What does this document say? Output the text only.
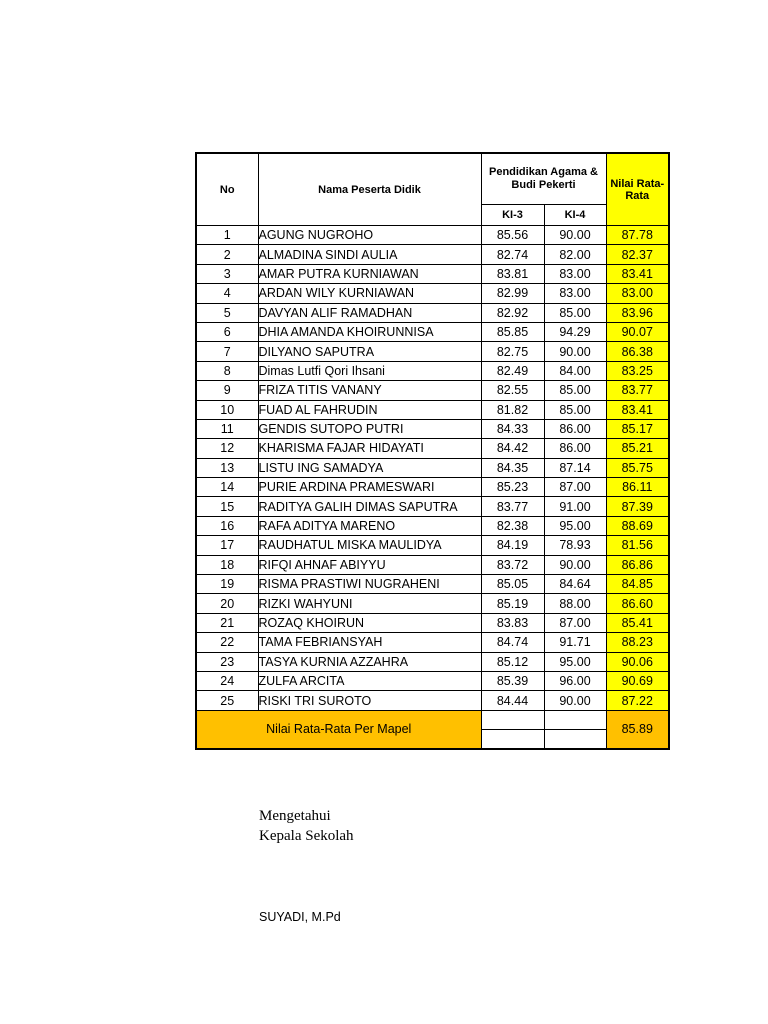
No	Nama Peserta Didik	Pendidikan Agama & Budi Pekerti		Nilai Rata-Rata
		KI-3	KI-4	
1	AGUNG NUGROHO	85.56	90.00	87.78
2	ALMADINA SINDI AULIA	82.74	82.00	82.37
3	AMAR PUTRA KURNIAWAN	83.81	83.00	83.41
4	ARDAN WILY KURNIAWAN	82.99	83.00	83.00
5	DAVYAN ALIF RAMADHAN	82.92	85.00	83.96
6	DHIA AMANDA KHOIRUNNISA	85.85	94.29	90.07
7	DILYANO SAPUTRA	82.75	90.00	86.38
8	Dimas Lutfi Qori Ihsani	82.49	84.00	83.25
9	FRIZA TITIS VANANY	82.55	85.00	83.77
10	FUAD AL FAHRUDIN	81.82	85.00	83.41
11	GENDIS SUTOPO PUTRI	84.33	86.00	85.17
12	KHARISMA FAJAR HIDAYATI	84.42	86.00	85.21
13	LISTU ING SAMADYA	84.35	87.14	85.75
14	PURIE ARDINA PRAMESWARI	85.23	87.00	86.11
15	RADITYA GALIH DIMAS SAPUTRA	83.77	91.00	87.39
16	RAFA ADITYA MARENO	82.38	95.00	88.69
17	RAUDHATUL MISKA MAULIDYA	84.19	78.93	81.56
18	RIFQI AHNAF ABIYYU	83.72	90.00	86.86
19	RISMA PRASTIWI NUGRAHENI	85.05	84.64	84.85
20	RIZKI WAHYUNI	85.19	88.00	86.60
21	ROZAQ KHOIRUN	83.83	87.00	85.41
22	TAMA FEBRIANSYAH	84.74	91.71	88.23
23	TASYA KURNIA AZZAHRA	85.12	95.00	90.06
24	ZULFA ARCITA	85.39	96.00	90.69
25	RISKI TRI SUROTO	84.44	90.00	87.22
Nilai Rata-Rata Per Mapel				85.89

Mengetahui
Kepala Sekolah
SUYADI, M.Pd
